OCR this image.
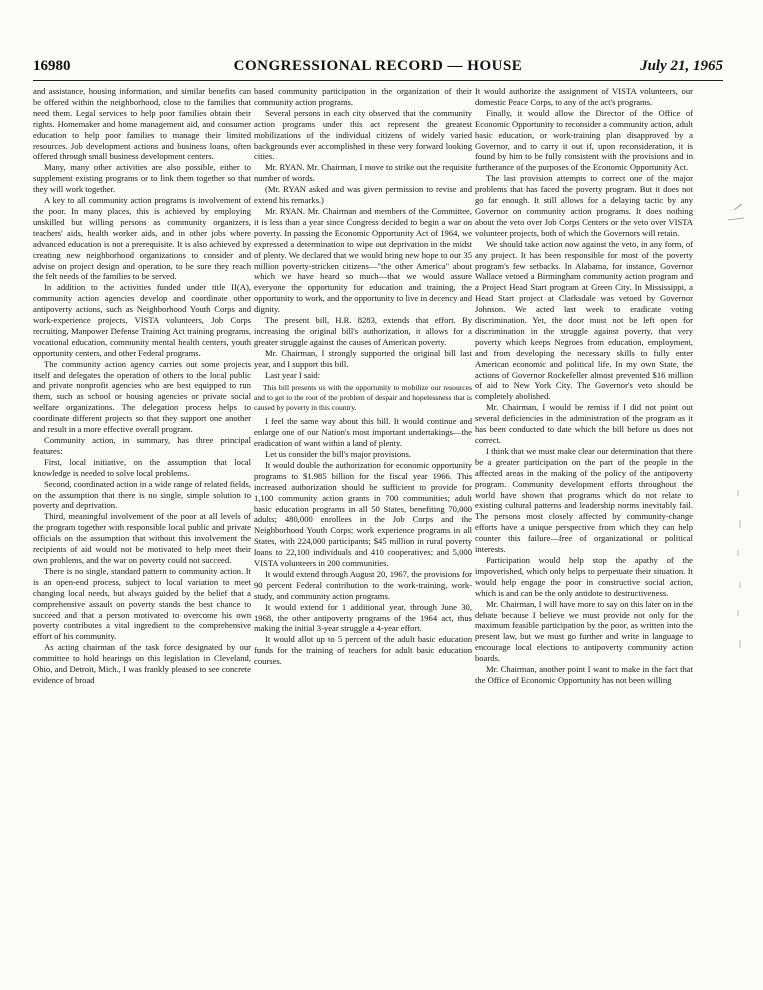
16980	CONGRESSIONAL RECORD — HOUSE	July 21, 1965

and assistance, housing information, and similar benefits can be offered within the neighborhood, close to the families that need them. Legal services to help poor families obtain their rights. Homemaker and home management aid, and consumer education to help poor families to manage their limited resources. Job development actions and business loans, often offered through small business development centers.

Many, many other activities are also possible, either to supplement existing programs or to link them together so that they will work together.

A key to all community action programs is involvement of the poor. In many places, this is achieved by employing unskilled but willing persons as community organizers, teachers' aids, health worker aids, and in other jobs where advanced education is not a prerequisite. It is also achieved by creating new neighborhood organizations to consider and advise on project design and operation, to be sure they reach the felt needs of the families to be served.

In addition to the activities funded under title II(A), community action agencies develop and coordinate other antipoverty actions, such as Neighborhood Youth Corps and work-experience projects, VISTA volunteers, Job Corps recruiting, Manpower Defense Training Act training programs, vocational education, community mental health centers, youth opportunity centers, and other Federal programs.

The community action agency carries out some projects itself and delegates the operation of others to the local public and private nonprofit agencies who are best equipped to run them, such as school or housing agencies or private social welfare organizations. The delegation process helps to coordinate different projects so that they support one another and result in a more effective overall program.

Community action, in summary, has three principal features:

First, local initiative, on the assumption that local knowledge is needed to solve local problems.

Second, coordinated action in a wide range of related fields, on the assumption that there is no single, simple solution to poverty and deprivation.

Third, meaningful involvement of the poor at all levels of the program together with responsible local public and private officials on the assumption that without this involvement the recipients of aid would not be motivated to help meet their own problems, and the war on poverty could not succeed.

There is no single, standard pattern to community action. It is an open-end process, subject to local variation to meet changing local needs, but always guided by the belief that a comprehensive assault on poverty stands the best chance to succeed and that a person motivated to overcome his own poverty contributes a vital ingredient to the comprehensive effort of his community.

As acting chairman of the task force designated by our committee to hold hearings on this legislation in Cleveland, Ohio, and Detroit, Mich., I was frankly pleased to see concrete evidence of broad

based community participation in the organization of their community action programs.

Several persons in each city observed that the community action programs under this act represent the greatest mobilizations of the individual citizens of widely varied backgrounds ever accomplished in these very forward looking cities.

Mr. RYAN. Mr. Chairman, I move to strike out the requisite number of words.

(Mr. RYAN asked and was given permission to revise and extend his remarks.)

Mr. RYAN. Mr. Chairman and members of the Committee, it is less than a year since Congress decided to begin a war on poverty. In passing the Economic Opportunity Act of 1964, we expressed a determination to wipe out deprivation in the midst of plenty. We declared that we would bring new hope to our 35 million poverty-stricken citizens—"the other America" about which we have heard so much—that we would assure everyone the opportunity for education and training, the opportunity to work, and the opportunity to live in decency and dignity.

The present bill, H.R. 8283, extends that effort. By increasing the original bill's authorization, it allows for a greater struggle against the causes of American poverty.

Mr. Chairman, I strongly supported the original bill last year, and I support this bill.

Last year I said:

This bill presents us with the opportunity to mobilize our resources and to get to the root of the problem of despair and hopelessness that is caused by poverty in this country.

I feel the same way about this bill. It would continue and enlarge one of our Nation's most important undertakings—the eradication of want within a land of plenty.

Let us consider the bill's major provisions.

It would double the authorization for economic opportunity programs to $1.985 billion for the fiscal year 1966. This increased authorization should be sufficient to provide for 1,100 community action grants in 700 communities; adult basic education programs in all 50 States, benefiting 70,000 adults; 480,000 enrollees in the Job Corps and the Neighborhood Youth Corps; work experience programs in all States, with 224,000 participants; $45 million in rural poverty loans to 22,100 individuals and 410 cooperatives; and 5,000 VISTA volunteers in 200 communities.

It would extend through August 20, 1967, the provisions for 90 percent Federal contribution to the work-training, work-study, and community action programs.

It would extend for 1 additional year, through June 30, 1968, the other antipoverty programs of the 1964 act, thus making the initial 3-year struggle a 4-year effort.

It would allot up to 5 percent of the adult basic education funds for the training of teachers for adult basic education courses.

It would authorize the assignment of VISTA volunteers, our domestic Peace Corps, to any of the act's programs.

Finally, it would allow the Director of the Office of Economic Opportunity to reconsider a community action, adult basic education, or work-training plan disapproved by a Governor, and to carry it out if, upon reconsideration, it is found by him to be fully consistent with the provisions and in furtherance of the purposes of the Economic Opportunity Act.

The last provision attempts to correct one of the major problems that has faced the poverty program. But it does not go far enough. It still allows for a delaying tactic by any Governor on community action programs. It does nothing about the veto over Job Corps Centers or the veto over VISTA volunteer projects, both of which the Governors will retain.

We should take action now against the veto, in any form, of any project. It has been responsible for most of the poverty program's few setbacks. In Alabama, for instance, Governor Wallace vetoed a Birmingham community action program and a Project Head Start program at Green City. In Mississippi, a Head Start project at Clarksdale was vetoed by Governor Johnson. We acted last week to eradicate voting discrimination. Yet, the door must not be left open for discrimination in the struggle against poverty, that very poverty which keeps Negroes from education, employment, and from developing the necessary skills to fully enter American economic and political life. In my own State, the actions of Governor Rockefeller almost prevented $16 million of aid to New York City. The Governor's veto should be completely abolished.

Mr. Chairman, I would be remiss if I did not point out several deficiencies in the administration of the program as it has been conducted to date which the bill before us does not correct.

I think that we must make clear our determination that there be a greater participation on the part of the people in the affected areas in the making of the policy of the antipoverty program. Community development efforts throughout the world have shown that programs which do not relate to existing cultural patterns and leadership norms inevitably fail. The persons most closely affected by community-change efforts have a unique perspective from which they can help counter this failure—free of organizational or political interests.

Participation would help stop the apathy of the impoverished, which only helps to perpetuate their situation. It would help engage the poor in constructive social action, which is and can be the only antidote to destructiveness.

Mr. Chairman, I will have more to say on this later on in the debate because I believe we must provide not only for the maximum feasible participation by the poor, as written into the present law, but we must go further and write in language to encourage local elections to antipoverty community action boards.

Mr. Chairman, another point I want to make in the fact that the Office of Economic Opportunity has not been willing
